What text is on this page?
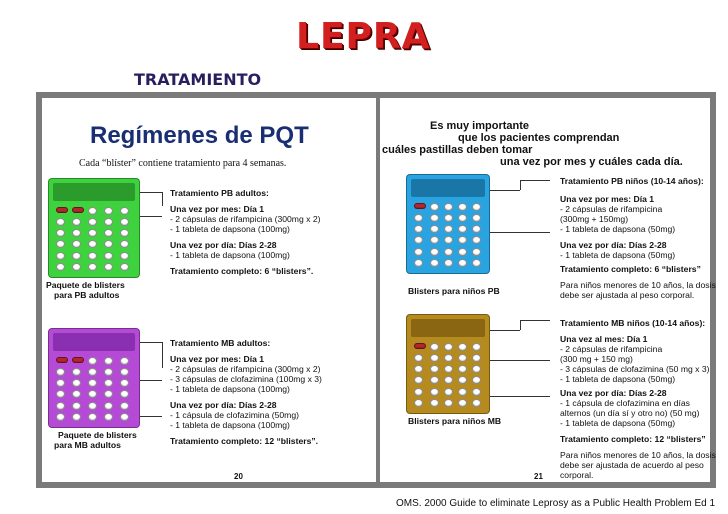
LEPRA
TRATAMIENTO
Regímenes de PQT
Cada “blíster” contiene tratamiento para 4 semanas.
Paquete de blisters
para PB adultos
Tratamiento PB adultos:
Una vez por mes: Día 1
- 2 cápsulas de rifampicina (300mg x 2)
- 1 tableta de dapsona (100mg)
Una vez por día: Días 2-28
- 1 tableta de dapsona (100mg)
Tratamiento completo: 6 “blisters”.
Paquete de blisters
para MB adultos
Tratamiento MB adultos:
Una vez por mes: Día 1
- 2 cápsulas de rifampicina (300mg x 2)
- 3 cápsulas de clofazimina (100mg x 3)
- 1 tableta de dapsona (100mg)
Una vez por día: Días 2-28
- 1 cápsula de clofazimina (50mg)
- 1 tableta de dapsona (100mg)
Tratamiento completo: 12 “blisters”.
20
Es muy importante
que los pacientes comprendan
cuáles pastillas deben tomar
una vez por mes y cuáles cada día.
Blisters para niños PB
Tratamiento PB niños (10-14 años):
Una vez por mes: Día 1
- 2 cápsulas de rifampicina
(300mg + 150mg)
- 1 tableta de dapsona (50mg)
Una vez por día: Días 2-28
- 1 tableta de dapsona (50mg)
Tratamiento completo: 6 “blisters”
Para niños menores de 10 años, la dosis
debe ser ajustada al peso corporal.
Blisters para niños MB
Tratamiento MB niños (10-14 años):
Una vez al mes: Día 1
- 2 cápsulas de rifampicina
(300 mg + 150 mg)
- 3 cápsulas de clofazimina (50 mg x 3)
- 1 tableta de dapsona (50mg)
Una vez por día: Días 2-28
- 1 cápsula de clofazimina en días
alternos (un día sí y otro no) (50 mg)
- 1 tableta de dapsona (50mg)
Tratamiento completo: 12 “blisters”
Para niños menores de 10 años, la dosis
debe ser ajustada de acuerdo al peso
corporal.
21
OMS. 2000 Guide to eliminate Leprosy as a Public Health Problem Ed 1
